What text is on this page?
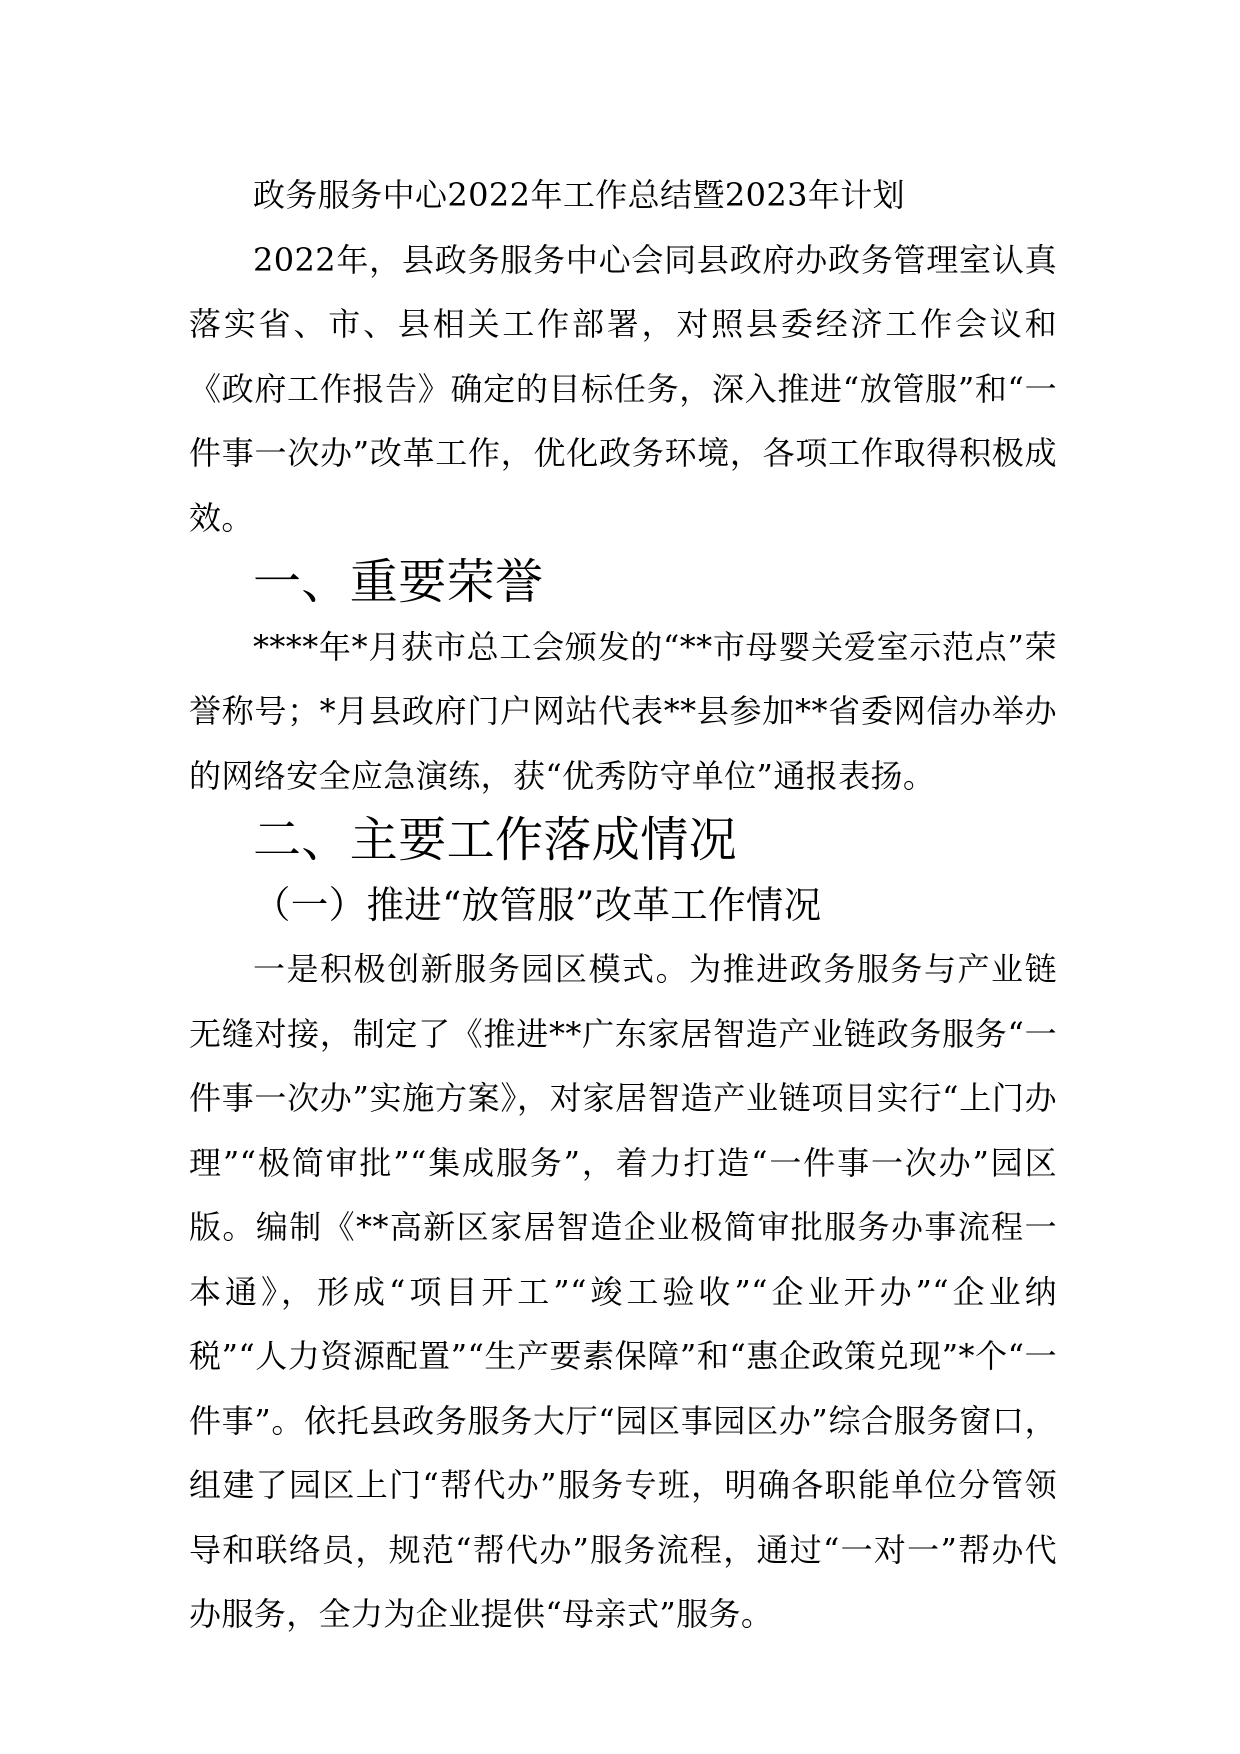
政务服务中心2022年工作总结暨2023年计划

2022年，县政务服务中心会同县政府办政务管理室认真落实省、市、县相关工作部署，对照县委经济工作会议和《政府工作报告》确定的目标任务，深入推进“放管服”和“一件事一次办”改革工作，优化政务环境，各项工作取得积极成效。

一、重要荣誉

****年*月获市总工会颁发的“**市母婴关爱室示范点”荣誉称号；*月县政府门户网站代表**县参加**省委网信办举办的网络安全应急演练，获“优秀防守单位”通报表扬。

二、主要工作落成情况
（一）推进“放管服”改革工作情况

一是积极创新服务园区模式。为推进政务服务与产业链无缝对接，制定了《推进**广东家居智造产业链政务服务“一件事一次办”实施方案》，对家居智造产业链项目实行“上门办理”“极简审批”“集成服务”，着力打造“一件事一次办”园区版。编制《**高新区家居智造企业极简审批服务办事流程一本通》，形成“项目开工”“竣工验收”“企业开办”“企业纳税”“人力资源配置”“生产要素保障”和“惠企政策兑现”*个“一件事”。依托县政务服务大厅“园区事园区办”综合服务窗口，组建了园区上门“帮代办”服务专班，明确各职能单位分管领导和联络员，规范“帮代办”服务流程，通过“一对一”帮办代办服务，全力为企业提供“母亲式”服务。
